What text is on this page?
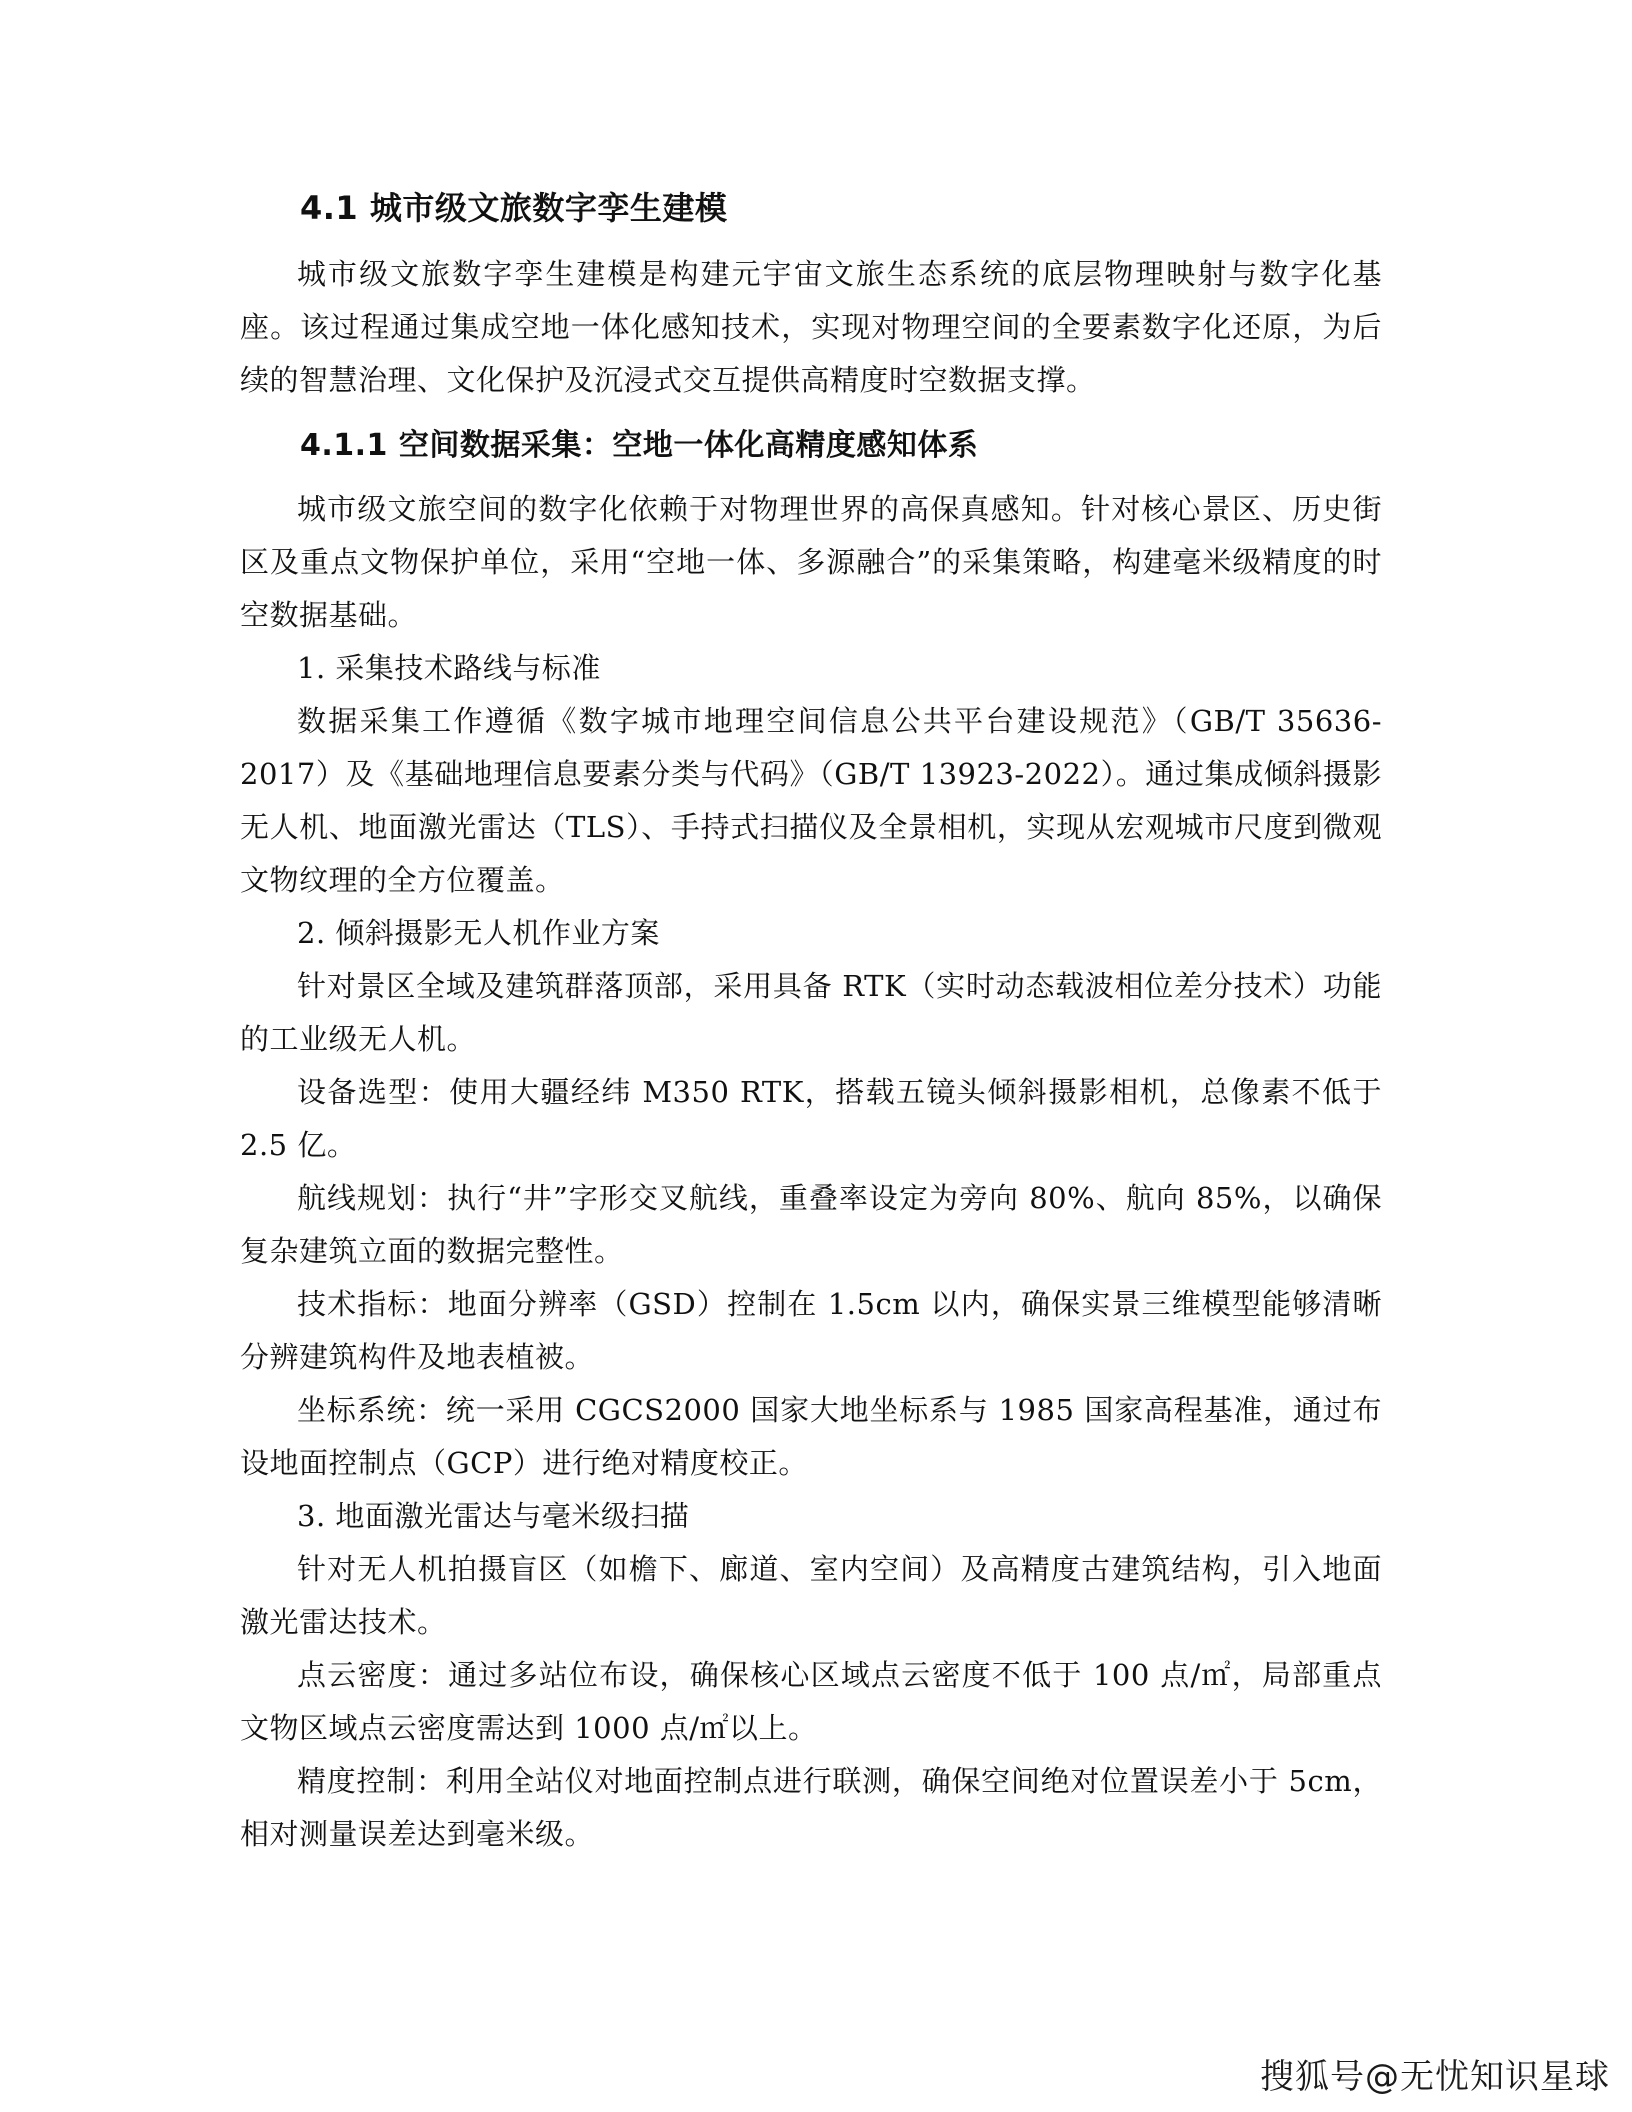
4.1 城市级文旅数字孪生建模

城市级文旅数字孪生建模是构建元宇宙文旅生态系统的底层物理映射与数字化基座。该过程通过集成空地一体化感知技术，实现对物理空间的全要素数字化还原，为后续的智慧治理、文化保护及沉浸式交互提供高精度时空数据支撑。

4.1.1 空间数据采集：空地一体化高精度感知体系

城市级文旅空间的数字化依赖于对物理世界的高保真感知。针对核心景区、历史街区及重点文物保护单位，采用“空地一体、多源融合”的采集策略，构建毫米级精度的时空数据基础。

1. 采集技术路线与标准

数据采集工作遵循《数字城市地理空间信息公共平台建设规范》（GB/T 35636-2017）及《基础地理信息要素分类与代码》（GB/T 13923-2022）。通过集成倾斜摄影无人机、地面激光雷达（TLS）、手持式扫描仪及全景相机，实现从宏观城市尺度到微观文物纹理的全方位覆盖。

2. 倾斜摄影无人机作业方案

针对景区全域及建筑群落顶部，采用具备 RTK（实时动态载波相位差分技术）功能的工业级无人机。

设备选型：使用大疆经纬 M350 RTK，搭载五镜头倾斜摄影相机，总像素不低于 2.5 亿。

航线规划：执行“井”字形交叉航线，重叠率设定为旁向 80%、航向 85%，以确保复杂建筑立面的数据完整性。

技术指标：地面分辨率（GSD）控制在 1.5cm 以内，确保实景三维模型能够清晰分辨建筑构件及地表植被。

坐标系统：统一采用 CGCS2000 国家大地坐标系与 1985 国家高程基准，通过布设地面控制点（GCP）进行绝对精度校正。

3. 地面激光雷达与毫米级扫描

针对无人机拍摄盲区（如檐下、廊道、室内空间）及高精度古建筑结构，引入地面激光雷达技术。

点云密度：通过多站位布设，确保核心区域点云密度不低于 100 点/㎡，局部重点文物区域点云密度需达到 1000 点/㎡以上。

精度控制：利用全站仪对地面控制点进行联测，确保空间绝对位置误差小于 5cm，相对测量误差达到毫米级。

搜狐号@无忧知识星球
